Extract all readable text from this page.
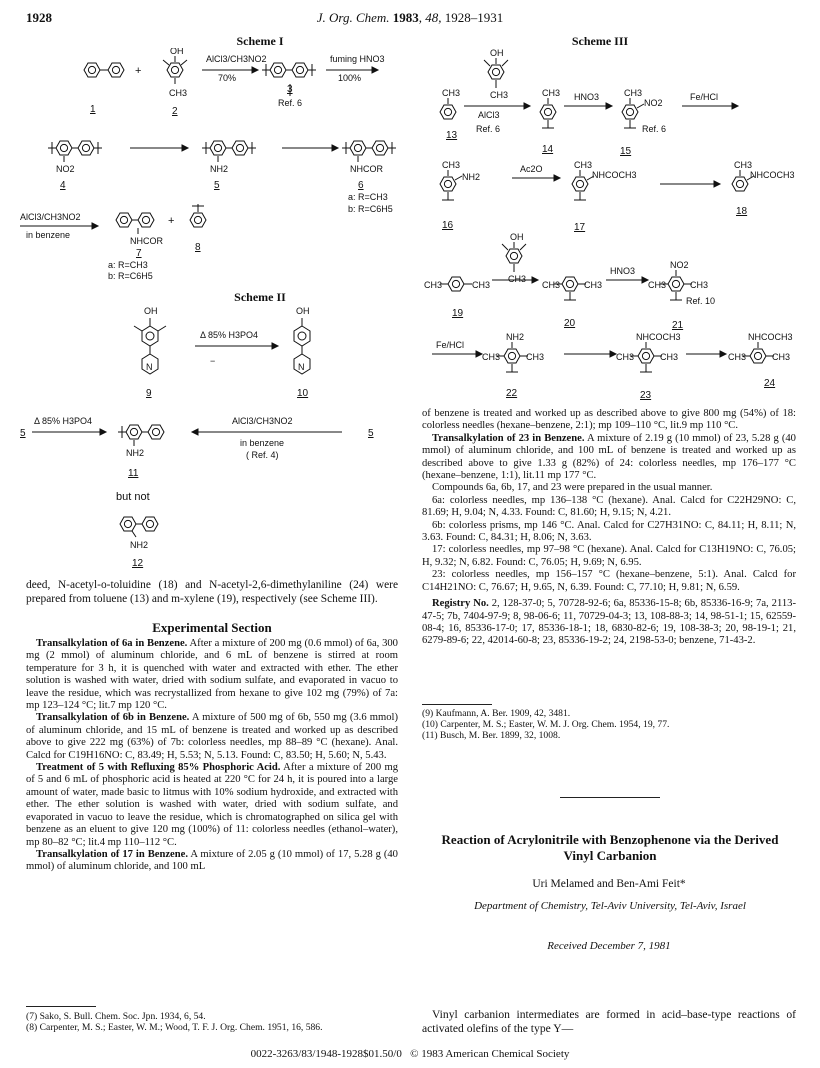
1928	J. Org. Chem. 1983, 48, 1928–1931
Scheme I
+
OH
CH3
AlCl3/CH3NO2
70%
fuming HNO3
100%
Ref. 6
1	2
3
NO2
4
NH2
5
NHCOR
6
a: R=CH3
b: R=C6H5
AlCl3/CH3NO2
in benzene
NHCOR
7
a: R=CH3
b: R=C6H5
+
8
Scheme II
OH
N
9
Δ 85% H3PO4
−
OH
N
10
5
Δ 85% H3PO4
NH2
11
AlCl3/CH3NO2
in benzene
( Ref. 4)
5
but not
NH2
12
Scheme III
CH3
13
OH
CH3
AlCl3
Ref. 6
CH3
14
HNO3	CH3
NO2
Ref. 6
15
Fe/HCl
CH3
NH2
16
Ac2O	CH3
NHCOCH3
17
CH3
NHCOCH3
18
CH3	CH3
19
OH
CH3
CH3	CH3
20
HNO3
CH3	CH3
NO2
Ref. 10
21
Fe/HCl
CH3	CH3
NH2
22
CH3	CH3
NHCOCH3
23
CH3	CH3
NHCOCH3
24

deed, N-acetyl-o-toluidine (18) and N-acetyl-2,6-dimethylaniline (24) were prepared from toluene (13) and m-xylene (19), respectively (see Scheme III).

Experimental Section

Transalkylation of 6a in Benzene. After a mixture of 200 mg (0.6 mmol) of 6a, 300 mg (2 mmol) of aluminum chloride, and 6 mL of benzene is stirred at room temperature for 3 h, it is quenched with water and extracted with ether. The ether solution is washed with water, dried with sodium sulfate, and evaporated in vacuo to leave the residue, which was recrystallized from hexane to give 102 mg (79%) of 7a: mp 123–124 °C; lit.7 mp 120 °C.

Transalkylation of 6b in Benzene. A mixture of 500 mg of 6b, 550 mg (3.6 mmol) of aluminum chloride, and 15 mL of benzene is treated and worked up as described above to give 222 mg (63%) of 7b: colorless needles, mp 88–89 °C (hexane). Anal. Calcd for C19H16NO: C, 83.49; H, 5.53; N, 5.13. Found: C, 83.50; H, 5.60; N, 5.43.

Treatment of 5 with Refluxing 85% Phosphoric Acid. After a mixture of 200 mg of 5 and 6 mL of phosphoric acid is heated at 220 °C for 24 h, it is poured into a large amount of water, made basic to litmus with 10% sodium hydroxide, and extracted with ether. The ether solution is washed with water, dried with sodium sulfate, and evaporated in vacuo to leave the residue, which is chromatographed on silica gel with benzene as an eluent to give 120 mg (100%) of 11: colorless needles (ethanol–water), mp 80–82 °C; lit.4 mp 110–112 °C.

Transalkylation of 17 in Benzene. A mixture of 2.05 g (10 mmol) of 17, 5.28 g (40 mmol) of aluminum chloride, and 100 mL

(7) Sako, S. Bull. Chem. Soc. Jpn. 1934, 6, 54.
(8) Carpenter, M. S.; Easter, W. M.; Wood, T. F. J. Org. Chem. 1951, 16, 586.

of benzene is treated and worked up as described above to give 800 mg (54%) of 18: colorless needles (hexane–benzene, 2:1); mp 109–110 °C, lit.9 mp 110 °C.

Transalkylation of 23 in Benzene. A mixture of 2.19 g (10 mmol) of 23, 5.28 g (40 mmol) of aluminum chloride, and 100 mL of benzene is treated and worked up as described above to give 1.33 g (82%) of 24: colorless needles, mp 176–177 °C (hexane–benzene, 1:1), lit.11 mp 177 °C.

Compounds 6a, 6b, 17, and 23 were prepared in the usual manner.

6a: colorless needles, mp 136–138 °C (hexane). Anal. Calcd for C22H29NO: C, 81.69; H, 9.04; N, 4.33. Found: C, 81.60; H, 9.15; N, 4.21.

6b: colorless prisms, mp 146 °C. Anal. Calcd for C27H31NO: C, 84.11; H, 8.11; N, 3.63. Found: C, 84.31; H, 8.06; N, 3.63.

17: colorless needles, mp 97–98 °C (hexane). Anal. Calcd for C13H19NO: C, 76.05; H, 9.32; N, 6.82. Found: C, 76.05; H, 9.69; N, 6.95.

23: colorless needles, mp 156–157 °C (hexane–benzene, 5:1). Anal. Calcd for C14H21NO: C, 76.67; H, 9.65, N, 6.39. Found: C, 77.10; H, 9.81; N, 6.59.

Registry No. 2, 128-37-0; 5, 70728-92-6; 6a, 85336-15-8; 6b, 85336-16-9; 7a, 2113-47-5; 7b, 7404-97-9; 8, 98-06-6; 11, 70729-04-3; 13, 108-88-3; 14, 98-51-1; 15, 62559-08-4; 16, 85336-17-0; 17, 85336-18-1; 18, 6830-82-6; 19, 108-38-3; 20, 98-19-1; 21, 6279-89-6; 22, 42014-60-8; 23, 85336-19-2; 24, 2198-53-0; benzene, 71-43-2.

(9) Kaufmann, A. Ber. 1909, 42, 3481.
(10) Carpenter, M. S.; Easter, W. M. J. Org. Chem. 1954, 19, 77.
(11) Busch, M. Ber. 1899, 32, 1008.
Reaction of Acrylonitrile with Benzophenone via the Derived Vinyl Carbanion
Uri Melamed and Ben-Ami Feit*
Department of Chemistry, Tel-Aviv University, Tel-Aviv, Israel
Received December 7, 1981
Vinyl carbanion intermediates are formed in acid–base-type reactions of activated olefins of the type Y—
0022-3263/83/1948-1928$01.50/0 © 1983 American Chemical Society
